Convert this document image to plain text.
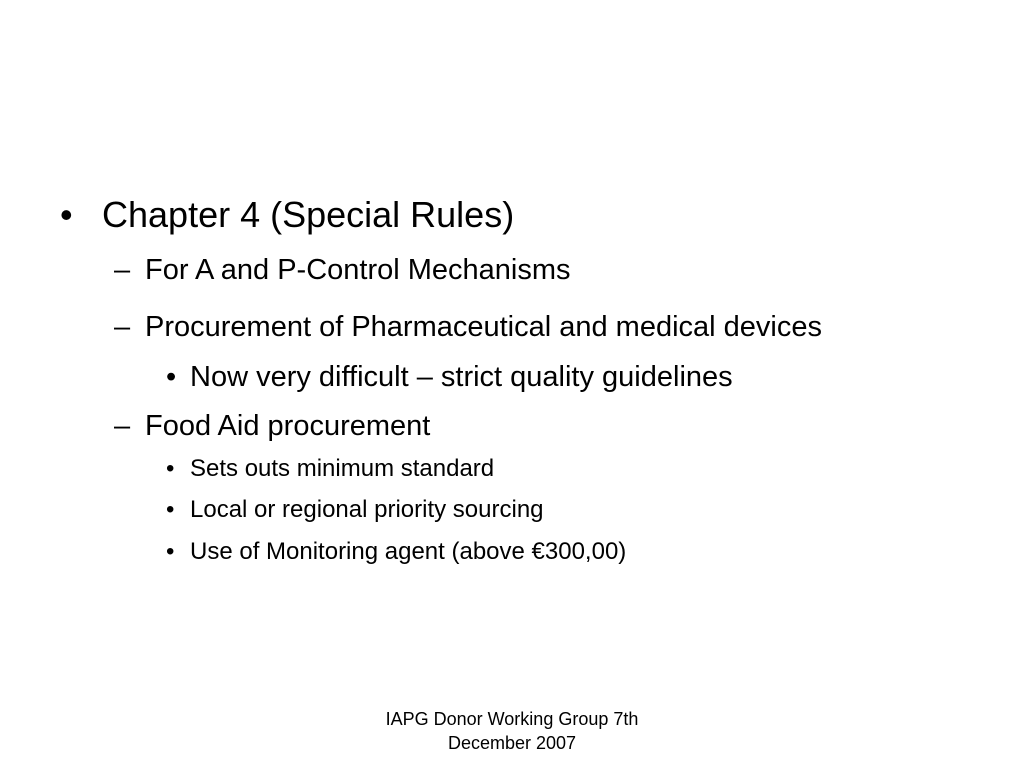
• Chapter 4 (Special Rules)
– For A and P-Control Mechanisms
– Procurement of Pharmaceutical and medical devices
• Now very difficult – strict quality guidelines
– Food Aid procurement
• Sets outs minimum standard
• Local or regional priority sourcing
• Use of Monitoring agent (above €300,00)
IAPG Donor Working Group 7th December 2007
